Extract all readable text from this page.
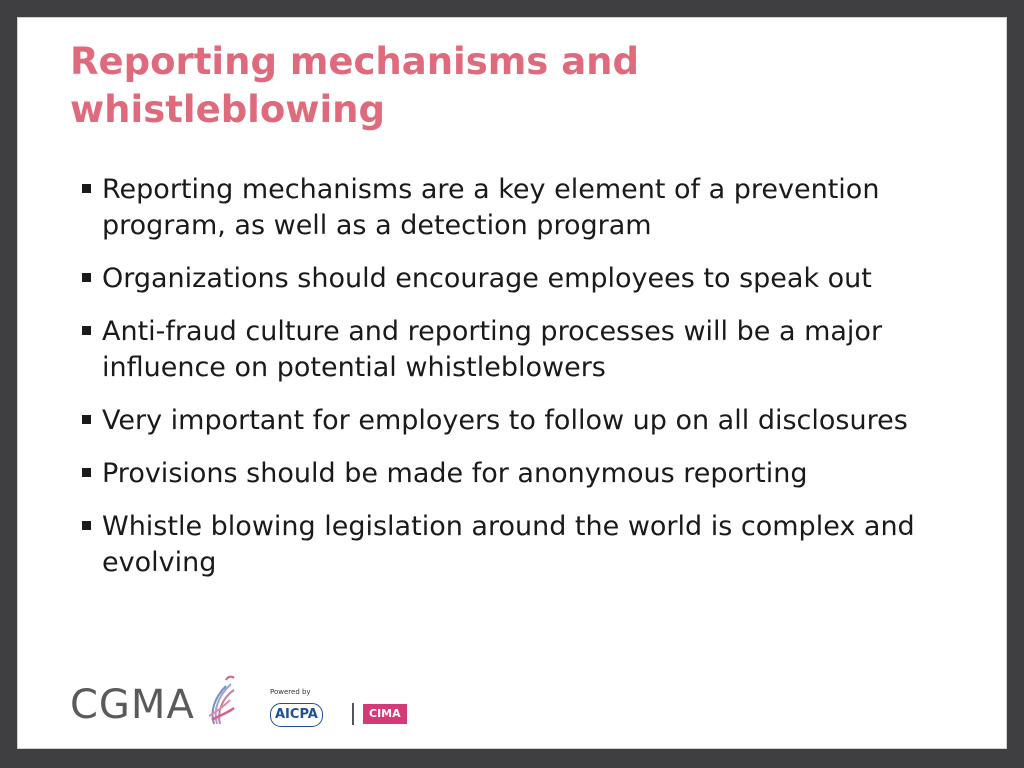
Reporting mechanisms and whistleblowing
Reporting mechanisms are a key element of a prevention program, as well as a detection program
Organizations should encourage employees to speak out
Anti-fraud culture and reporting processes will be a major influence on potential whistleblowers
Very important for employers to follow up on all disclosures
Provisions should be made for anonymous reporting
Whistle blowing legislation around the world is complex and evolving
CGMA	Powered by
AICPA	CIMA
